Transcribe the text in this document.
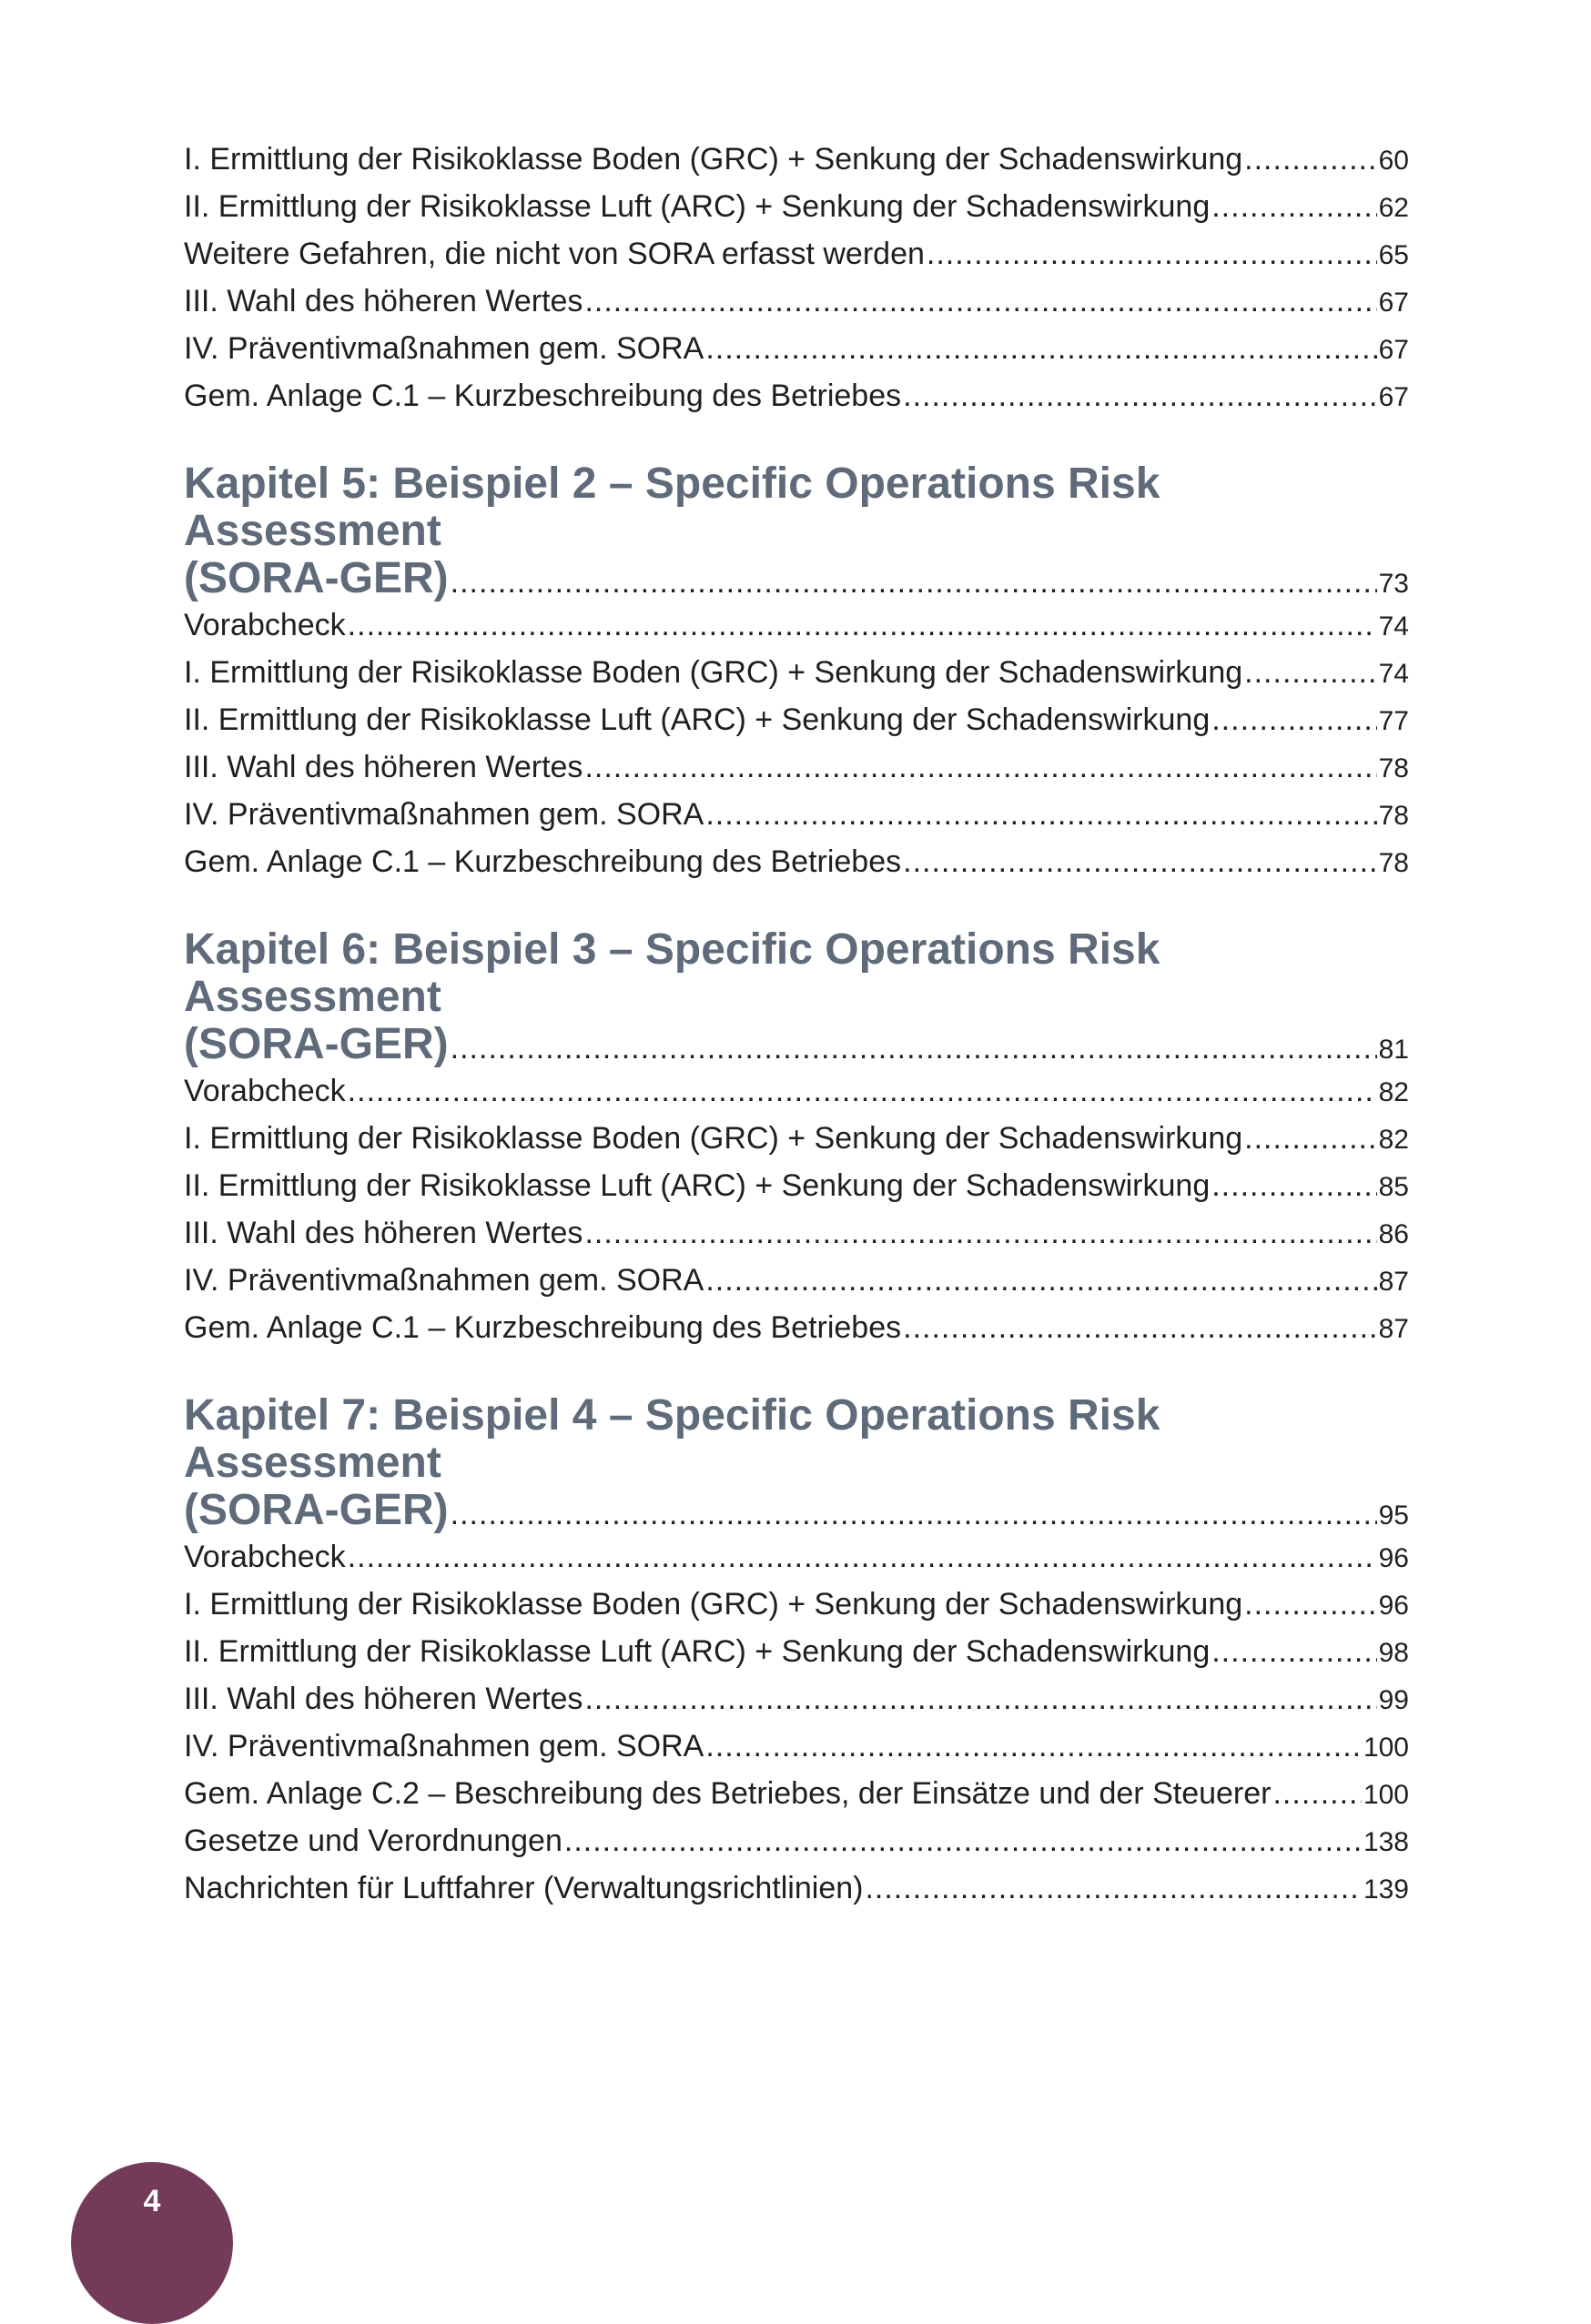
I. Ermittlung der Risikoklasse Boden (GRC) + Senkung der Schadenswirkung .....	60
II. Ermittlung der Risikoklasse Luft (ARC) + Senkung der Schadenswirkung .....	62
Weitere Gefahren, die nicht von SORA erfasst werden .....	65
III. Wahl des höheren Wertes .....	67
IV. Präventivmaßnahmen gem. SORA .....	67
Gem. Anlage C.1 – Kurzbeschreibung des Betriebes .....	67
Kapitel 5: Beispiel 2 – Specific Operations Risk Assessment
(SORA-GER) .....	73
Vorabcheck .....	74
I. Ermittlung der Risikoklasse Boden (GRC) + Senkung der Schadenswirkung .....	74
II. Ermittlung der Risikoklasse Luft (ARC) + Senkung der Schadenswirkung .....	77
III. Wahl des höheren Wertes .....	78
IV. Präventivmaßnahmen gem. SORA .....	78
Gem. Anlage C.1 – Kurzbeschreibung des Betriebes .....	78
Kapitel 6: Beispiel 3 – Specific Operations Risk Assessment
(SORA-GER) .....	81
Vorabcheck .....	82
I. Ermittlung der Risikoklasse Boden (GRC) + Senkung der Schadenswirkung .....	82
II. Ermittlung der Risikoklasse Luft (ARC) + Senkung der Schadenswirkung .....	85
III. Wahl des höheren Wertes .....	86
IV. Präventivmaßnahmen gem. SORA .....	87
Gem. Anlage C.1 – Kurzbeschreibung des Betriebes .....	87
Kapitel 7: Beispiel 4 – Specific Operations Risk Assessment
(SORA-GER) .....	95
Vorabcheck .....	96
I. Ermittlung der Risikoklasse Boden (GRC) + Senkung der Schadenswirkung .....	96
II. Ermittlung der Risikoklasse Luft (ARC) + Senkung der Schadenswirkung .....	98
III. Wahl des höheren Wertes .....	99
IV. Präventivmaßnahmen gem. SORA .....	100
Gem. Anlage C.2 – Beschreibung des Betriebes, der Einsätze und der Steuerer .....	100
Gesetze und Verordnungen .....	138
Nachrichten für Luftfahrer (Verwaltungsrichtlinien) .....	139
4
